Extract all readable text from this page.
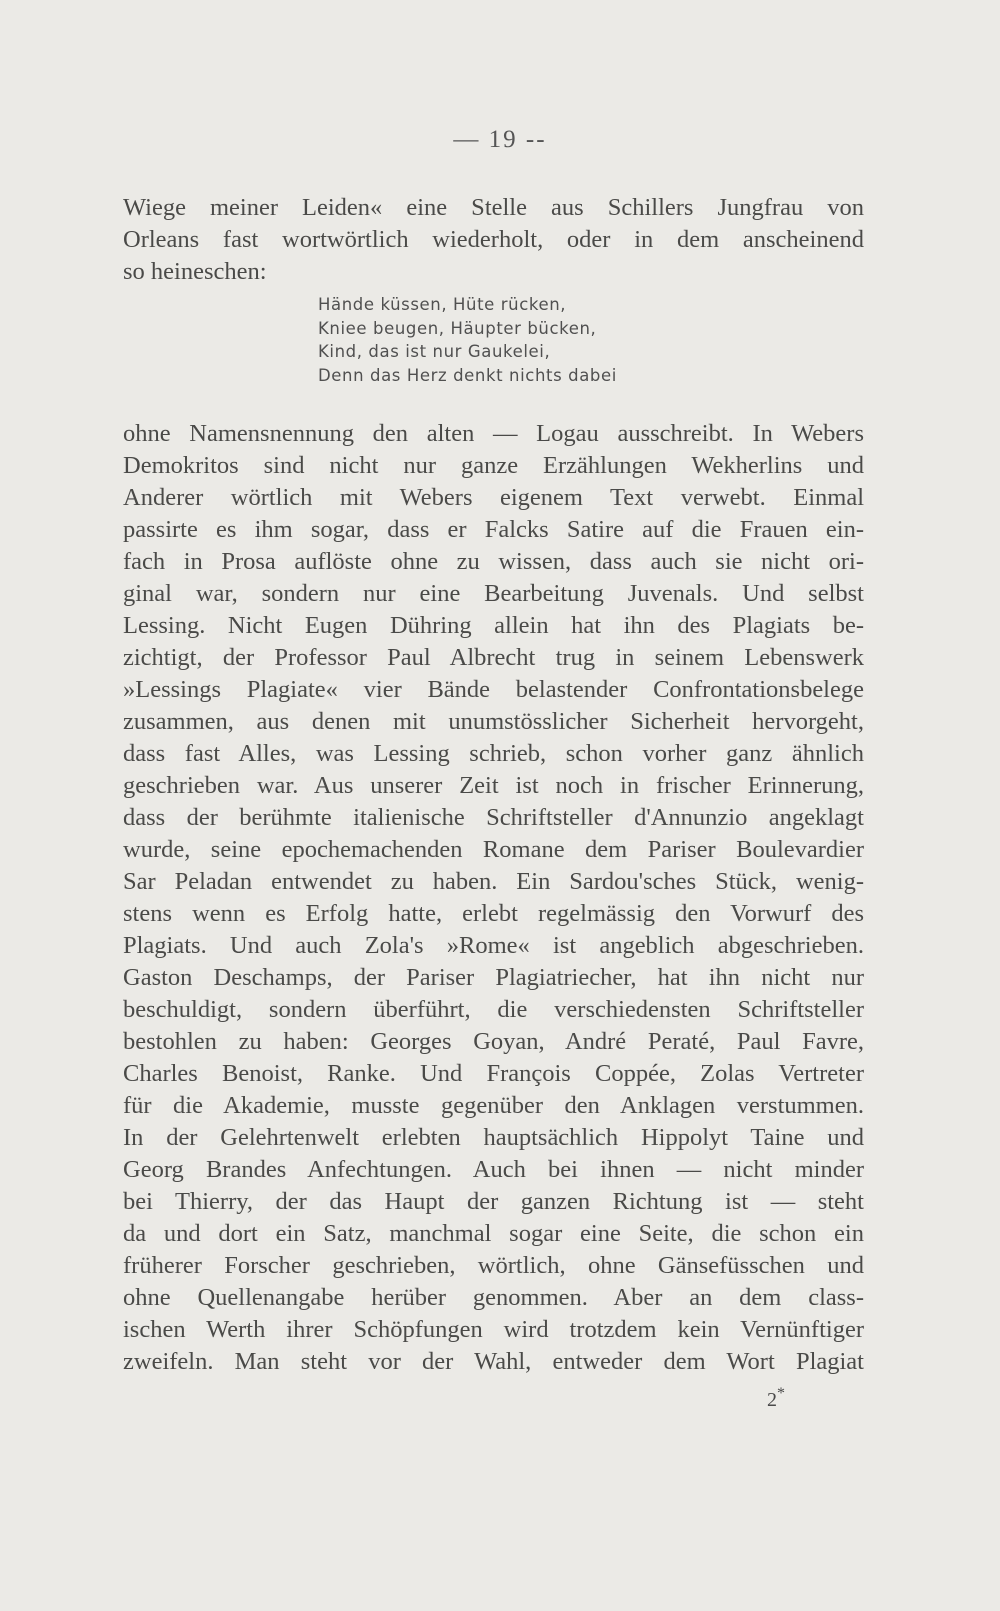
— 19 --
Wiege meiner Leiden« eine Stelle aus Schillers Jungfrau von
Orleans fast wortwörtlich wiederholt, oder in dem anscheinend
so heineschen:
Hände küssen, Hüte rücken,
Kniee beugen, Häupter bücken,
Kind, das ist nur Gaukelei,
Denn das Herz denkt nichts dabei
ohne Namensnennung den alten — Logau ausschreibt. In Webers
Demokritos sind nicht nur ganze Erzählungen Wekherlins und
Anderer wörtlich mit Webers eigenem Text verwebt. Einmal
passirte es ihm sogar, dass er Falcks Satire auf die Frauen ein-
fach in Prosa auflöste ohne zu wissen, dass auch sie nicht ori-
ginal war, sondern nur eine Bearbeitung Juvenals. Und selbst
Lessing. Nicht Eugen Dühring allein hat ihn des Plagiats be-
zichtigt, der Professor Paul Albrecht trug in seinem Lebenswerk
»Lessings Plagiate« vier Bände belastender Confrontationsbelege
zusammen, aus denen mit unumstösslicher Sicherheit hervorgeht,
dass fast Alles, was Lessing schrieb, schon vorher ganz ähnlich
geschrieben war. Aus unserer Zeit ist noch in frischer Erinnerung,
dass der berühmte italienische Schriftsteller d'Annunzio angeklagt
wurde, seine epochemachenden Romane dem Pariser Boulevardier
Sar Peladan entwendet zu haben. Ein Sardou'sches Stück, wenig-
stens wenn es Erfolg hatte, erlebt regelmässig den Vorwurf des
Plagiats. Und auch Zola's »Rome« ist angeblich abgeschrieben.
Gaston Deschamps, der Pariser Plagiatriecher, hat ihn nicht nur
beschuldigt, sondern überführt, die verschiedensten Schriftsteller
bestohlen zu haben: Georges Goyan, André Peraté, Paul Favre,
Charles Benoist, Ranke. Und François Coppée, Zolas Vertreter
für die Akademie, musste gegenüber den Anklagen verstummen.
In der Gelehrtenwelt erlebten hauptsächlich Hippolyt Taine und
Georg Brandes Anfechtungen. Auch bei ihnen — nicht minder
bei Thierry, der das Haupt der ganzen Richtung ist — steht
da und dort ein Satz, manchmal sogar eine Seite, die schon ein
früherer Forscher geschrieben, wörtlich, ohne Gänsefüsschen und
ohne Quellenangabe herüber genommen. Aber an dem class-
ischen Werth ihrer Schöpfungen wird trotzdem kein Vernünftiger
zweifeln. Man steht vor der Wahl, entweder dem Wort Plagiat
2*
